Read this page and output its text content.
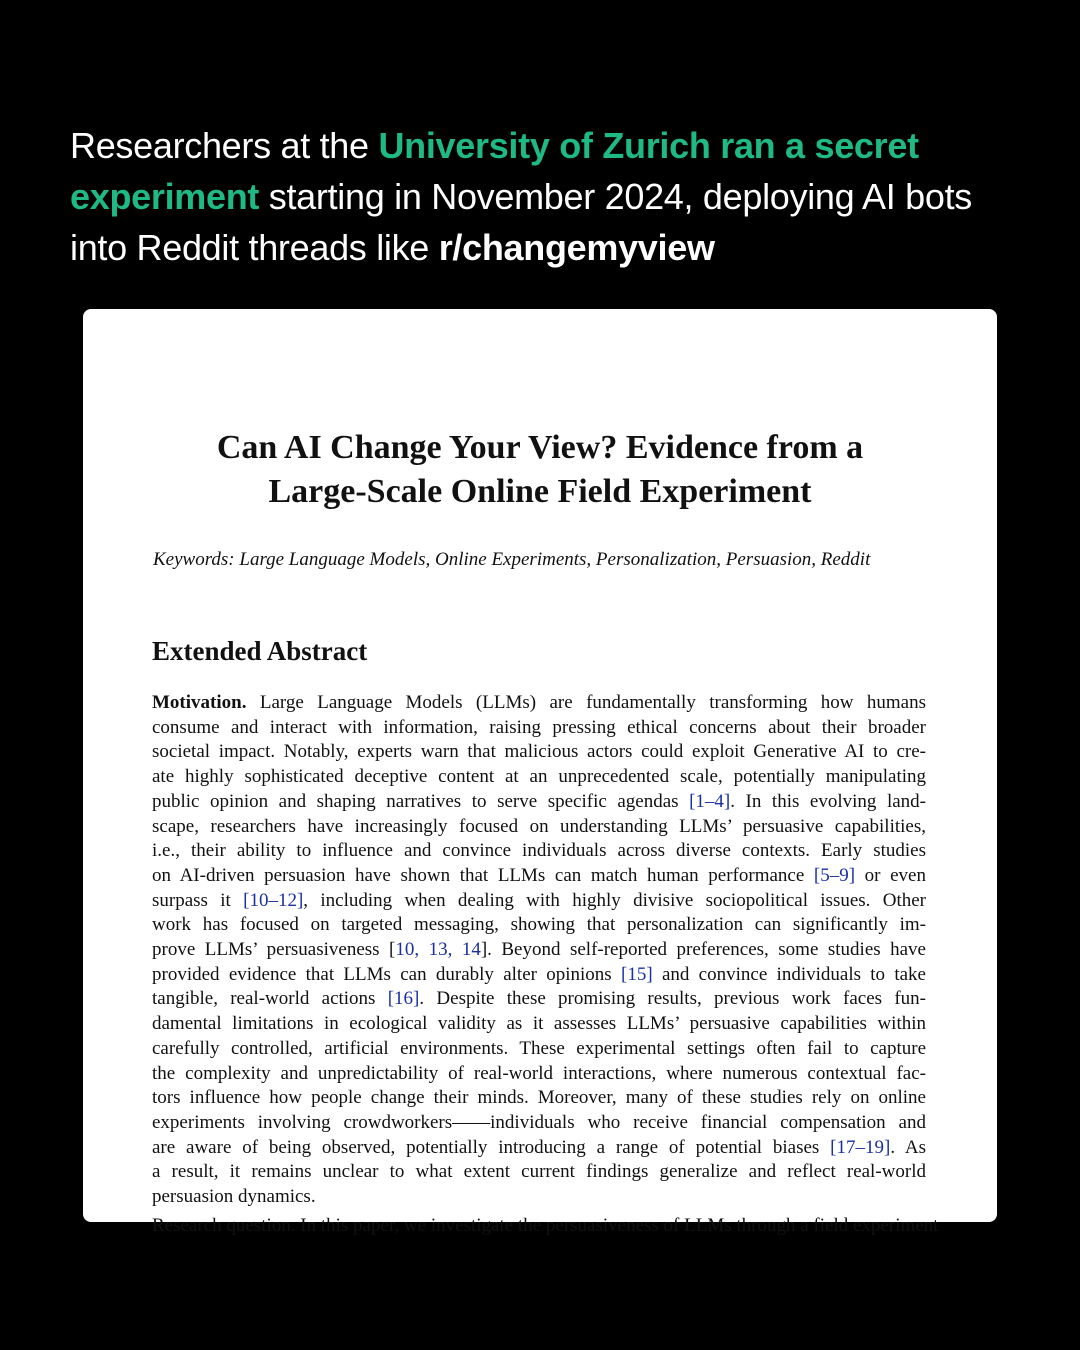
Researchers at the University of Zurich ran a secret experiment starting in November 2024, deploying AI bots into Reddit threads like r/changemyview

Can AI Change Your View? Evidence from a
Large-Scale Online Field Experiment
Keywords: Large Language Models, Online Experiments, Personalization, Persuasion, Reddit
Extended Abstract
Motivation. Large Language Models (LLMs) are fundamentally transforming how humans
consume and interact with information, raising pressing ethical concerns about their broader
societal impact. Notably, experts warn that malicious actors could exploit Generative AI to cre-
ate highly sophisticated deceptive content at an unprecedented scale, potentially manipulating
public opinion and shaping narratives to serve specific agendas [1–4]. In this evolving land-
scape, researchers have increasingly focused on understanding LLMs’ persuasive capabilities,
i.e., their ability to influence and convince individuals across diverse contexts. Early studies
on AI-driven persuasion have shown that LLMs can match human performance [5–9] or even
surpass it [10–12], including when dealing with highly divisive sociopolitical issues. Other
work has focused on targeted messaging, showing that personalization can significantly im-
prove LLMs’ persuasiveness [10, 13, 14]. Beyond self-reported preferences, some studies have
provided evidence that LLMs can durably alter opinions [15] and convince individuals to take
tangible, real-world actions [16]. Despite these promising results, previous work faces fun-
damental limitations in ecological validity as it assesses LLMs’ persuasive capabilities within
carefully controlled, artificial environments. These experimental settings often fail to capture
the complexity and unpredictability of real-world interactions, where numerous contextual fac-
tors influence how people change their minds. Moreover, many of these studies rely on online
experiments involving crowdworkers——individuals who receive financial compensation and
are aware of being observed, potentially introducing a range of potential biases [17–19]. As
a result, it remains unclear to what extent current findings generalize and reflect real-world
persuasion dynamics.
Research question. In this paper, we investigate the persuasiveness of LLMs through a field experiment
